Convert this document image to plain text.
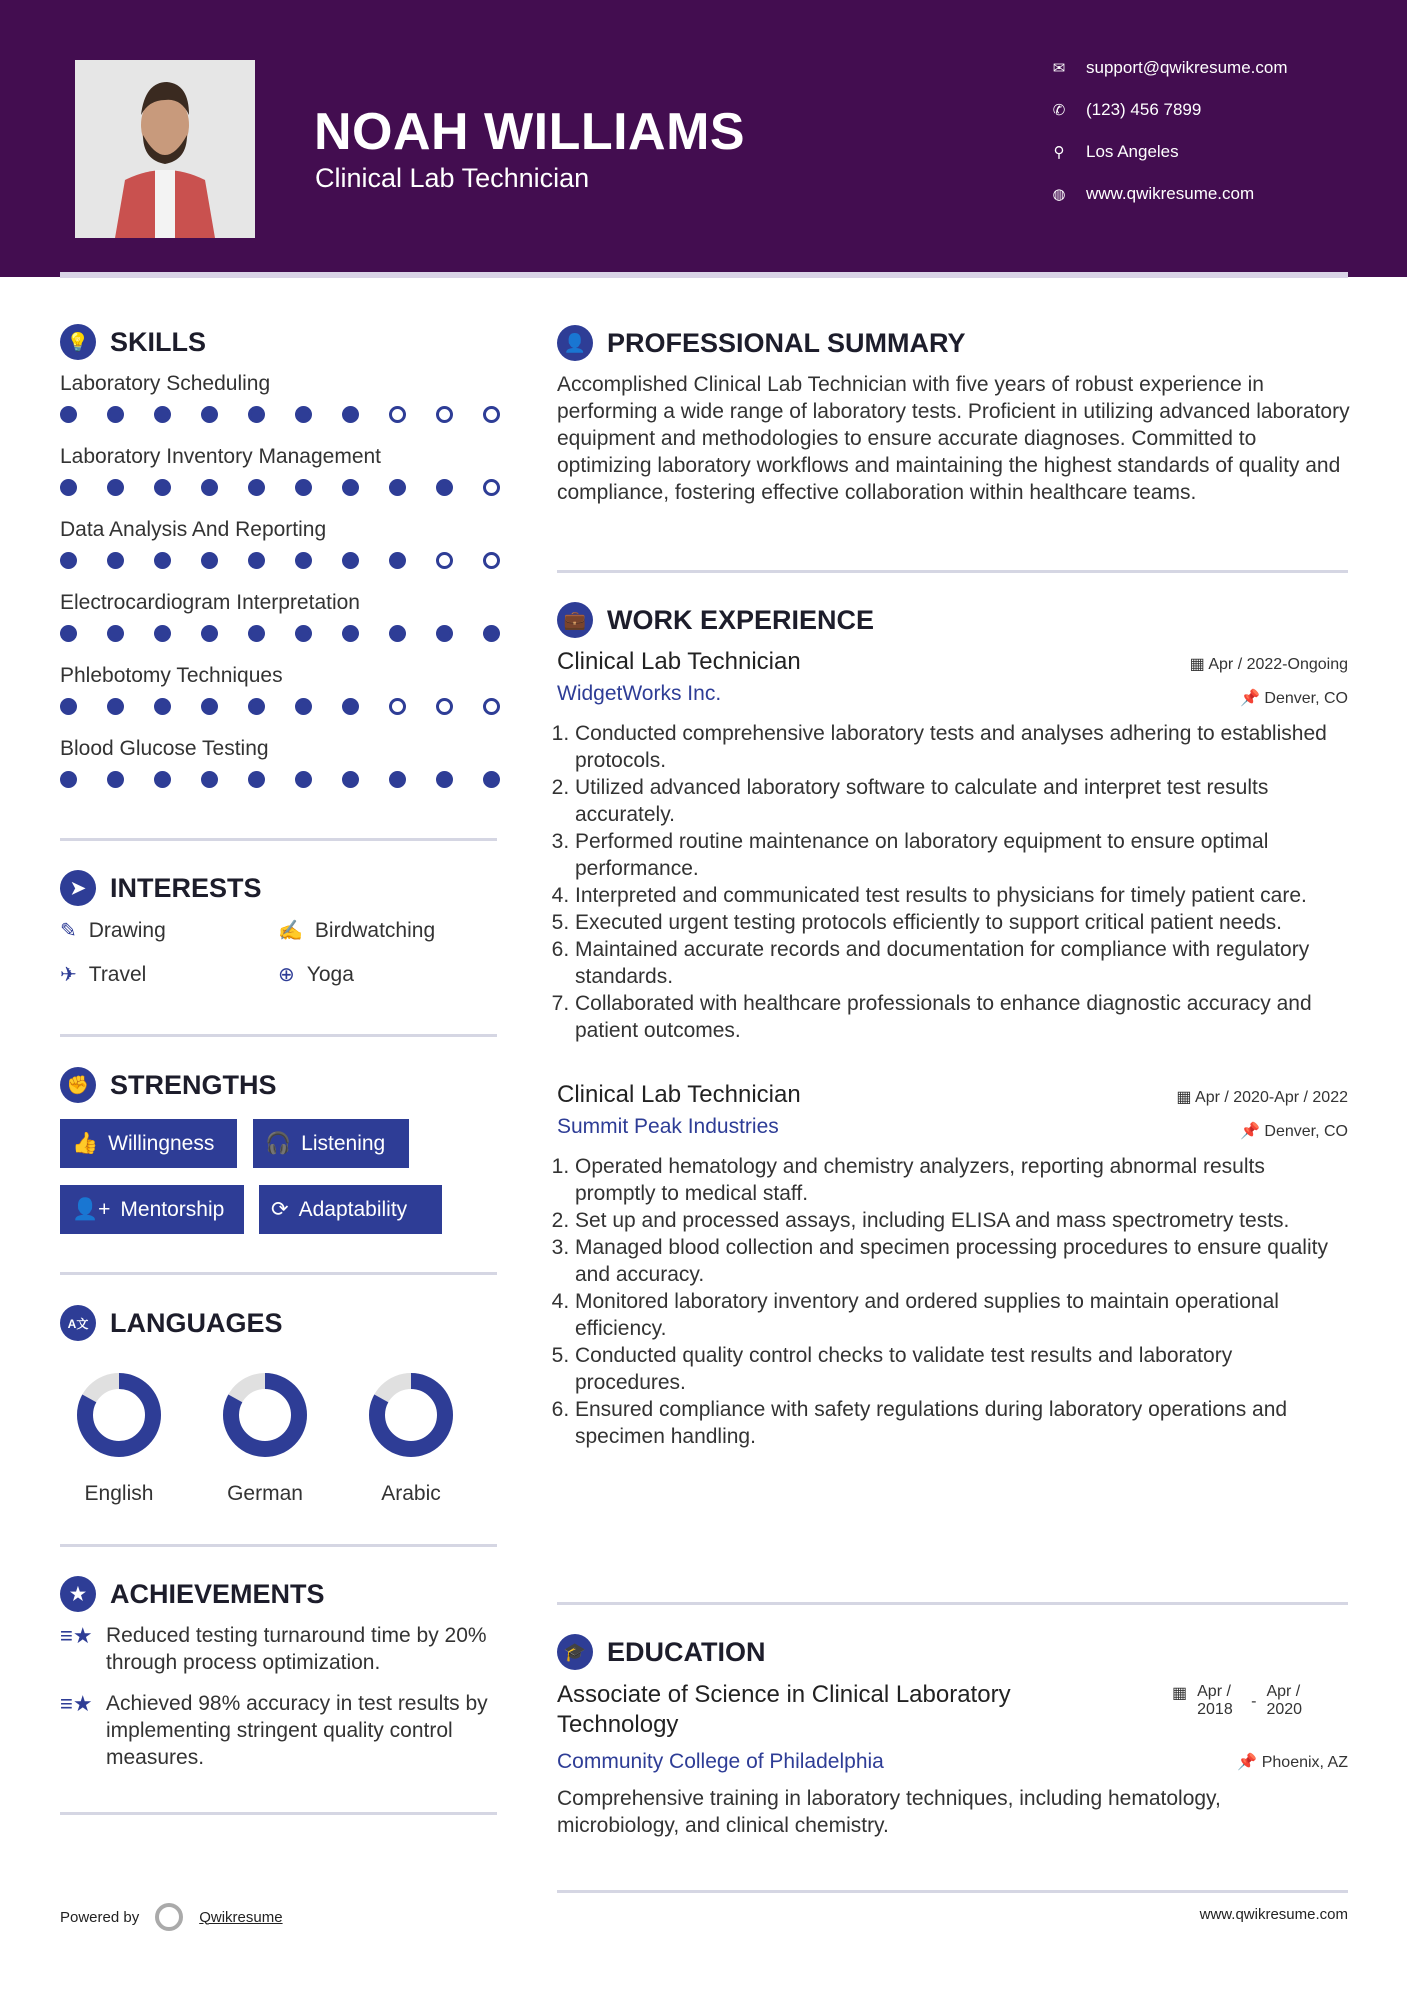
NOAH WILLIAMS
Clinical Lab Technician
✉ support@qwikresume.com
✆ (123) 456 7899
⚲ Los Angeles
◍ www.qwikresume.com
💡 SKILLS
Laboratory Scheduling
Laboratory Inventory Management
Data Analysis And Reporting
Electrocardiogram Interpretation
Phlebotomy Techniques
Blood Glucose Testing
➤ INTERESTS
✎ Drawing	✍ Birdwatching
✈ Travel	⊕ Yoga
✊ STRENGTHS
👍 Willingness 🎧 Listening
👤+ Mentorship ⟳ Adaptability
A文 LANGUAGES
English	German	Arabic
★ ACHIEVEMENTS
≡★ Reduced testing turnaround time by 20% through process optimization.
≡★ Achieved 98% accuracy in test results by implementing stringent quality control measures.
Powered by	Qwikresume
👤 PROFESSIONAL SUMMARY
Accomplished Clinical Lab Technician with five years of robust experience in performing a wide range of laboratory tests. Proficient in utilizing advanced laboratory equipment and methodologies to ensure accurate diagnoses. Committed to optimizing laboratory workflows and maintaining the highest standards of quality and compliance, fostering effective collaboration within healthcare teams.
💼 WORK EXPERIENCE
Clinical Lab Technician	▦ Apr / 2022-Ongoing
WidgetWorks Inc.	📌 Denver, CO
1. Conducted comprehensive laboratory tests and analyses adhering to established protocols.
2. Utilized advanced laboratory software to calculate and interpret test results accurately.
3. Performed routine maintenance on laboratory equipment to ensure optimal performance.
4. Interpreted and communicated test results to physicians for timely patient care.
5. Executed urgent testing protocols efficiently to support critical patient needs.
6. Maintained accurate records and documentation for compliance with regulatory standards.
7. Collaborated with healthcare professionals to enhance diagnostic accuracy and patient outcomes.
Clinical Lab Technician	▦ Apr / 2020-Apr / 2022
Summit Peak Industries	📌 Denver, CO
1. Operated hematology and chemistry analyzers, reporting abnormal results promptly to medical staff.
2. Set up and processed assays, including ELISA and mass spectrometry tests.
3. Managed blood collection and specimen processing procedures to ensure quality and accuracy.
4. Monitored laboratory inventory and ordered supplies to maintain operational efficiency.
5. Conducted quality control checks to validate test results and laboratory procedures.
6. Ensured compliance with safety regulations during laboratory operations and specimen handling.
🎓 EDUCATION
Associate of Science in Clinical Laboratory Technology
▦ Apr / 2018	-
Apr / 2020
Community College of Philadelphia	📌 Phoenix, AZ
Comprehensive training in laboratory techniques, including hematology, microbiology, and clinical chemistry.
www.qwikresume.com
